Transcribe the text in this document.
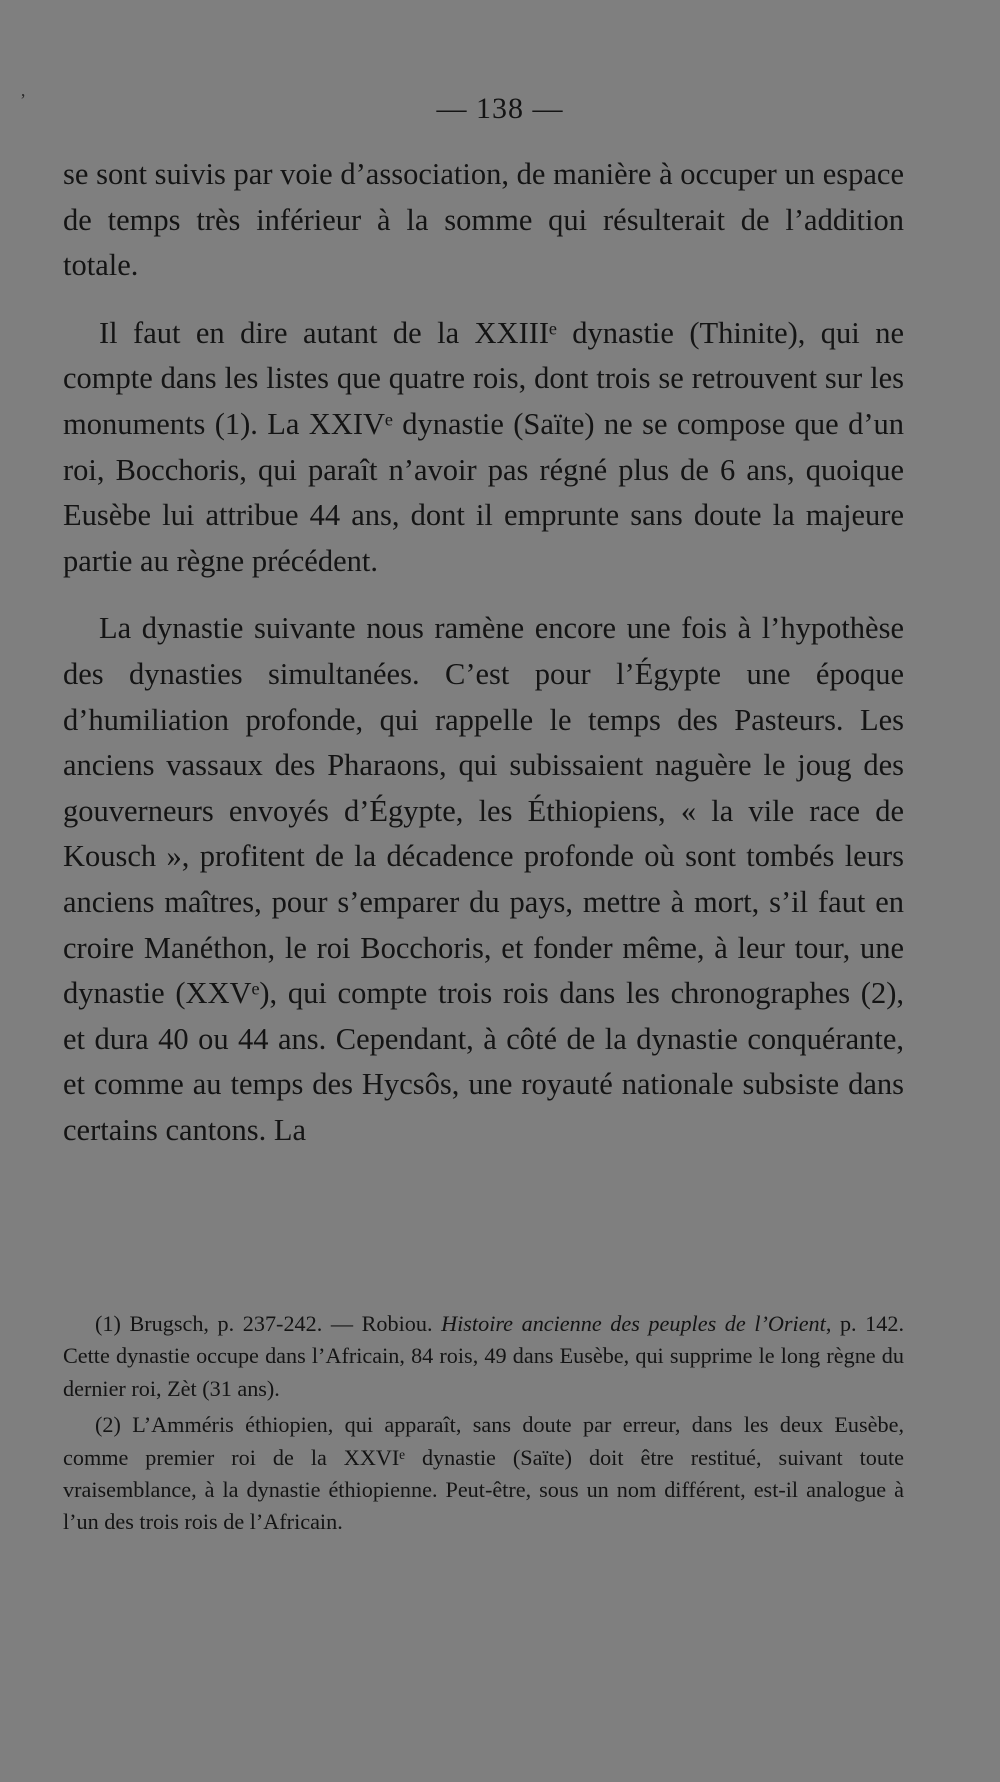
’	— 138 —

se sont suivis par voie d’association, de manière à occuper un espace de temps très inférieur à la somme qui résulterait de l’addition totale.

Il faut en dire autant de la XXIIIᵉ dynastie (Thinite), qui ne compte dans les listes que quatre rois, dont trois se retrouvent sur les monuments (1). La XXIVᵉ dynastie (Saïte) ne se compose que d’un roi, Bocchoris, qui paraît n’avoir pas régné plus de 6 ans, quoique Eusèbe lui attribue 44 ans, dont il emprunte sans doute la majeure partie au règne précédent.

La dynastie suivante nous ramène encore une fois à l’hypothèse des dynasties simultanées. C’est pour l’Égypte une époque d’humiliation profonde, qui rappelle le temps des Pasteurs. Les anciens vassaux des Pharaons, qui subissaient naguère le joug des gouverneurs envoyés d’Égypte, les Éthiopiens, « la vile race de Kousch », profitent de la décadence profonde où sont tombés leurs anciens maîtres, pour s’emparer du pays, mettre à mort, s’il faut en croire Manéthon, le roi Bocchoris, et fonder même, à leur tour, une dynastie (XXVᵉ), qui compte trois rois dans les chronographes (2), et dura 40 ou 44 ans. Cependant, à côté de la dynastie conquérante, et comme au temps des Hycsôs, une royauté nationale subsiste dans certains cantons. La

(1) Brugsch, p. 237-242. — Robiou. Histoire ancienne des peuples de l’Orient, p. 142. Cette dynastie occupe dans l’Africain, 84 rois, 49 dans Eusèbe, qui supprime le long règne du dernier roi, Zèt (31 ans).

(2) L’Amméris éthiopien, qui apparaît, sans doute par erreur, dans les deux Eusèbe, comme premier roi de la XXVIᵉ dynastie (Saïte) doit être restitué, suivant toute vraisemblance, à la dynastie éthiopienne. Peut-être, sous un nom différent, est-il analogue à l’un des trois rois de l’Africain.
